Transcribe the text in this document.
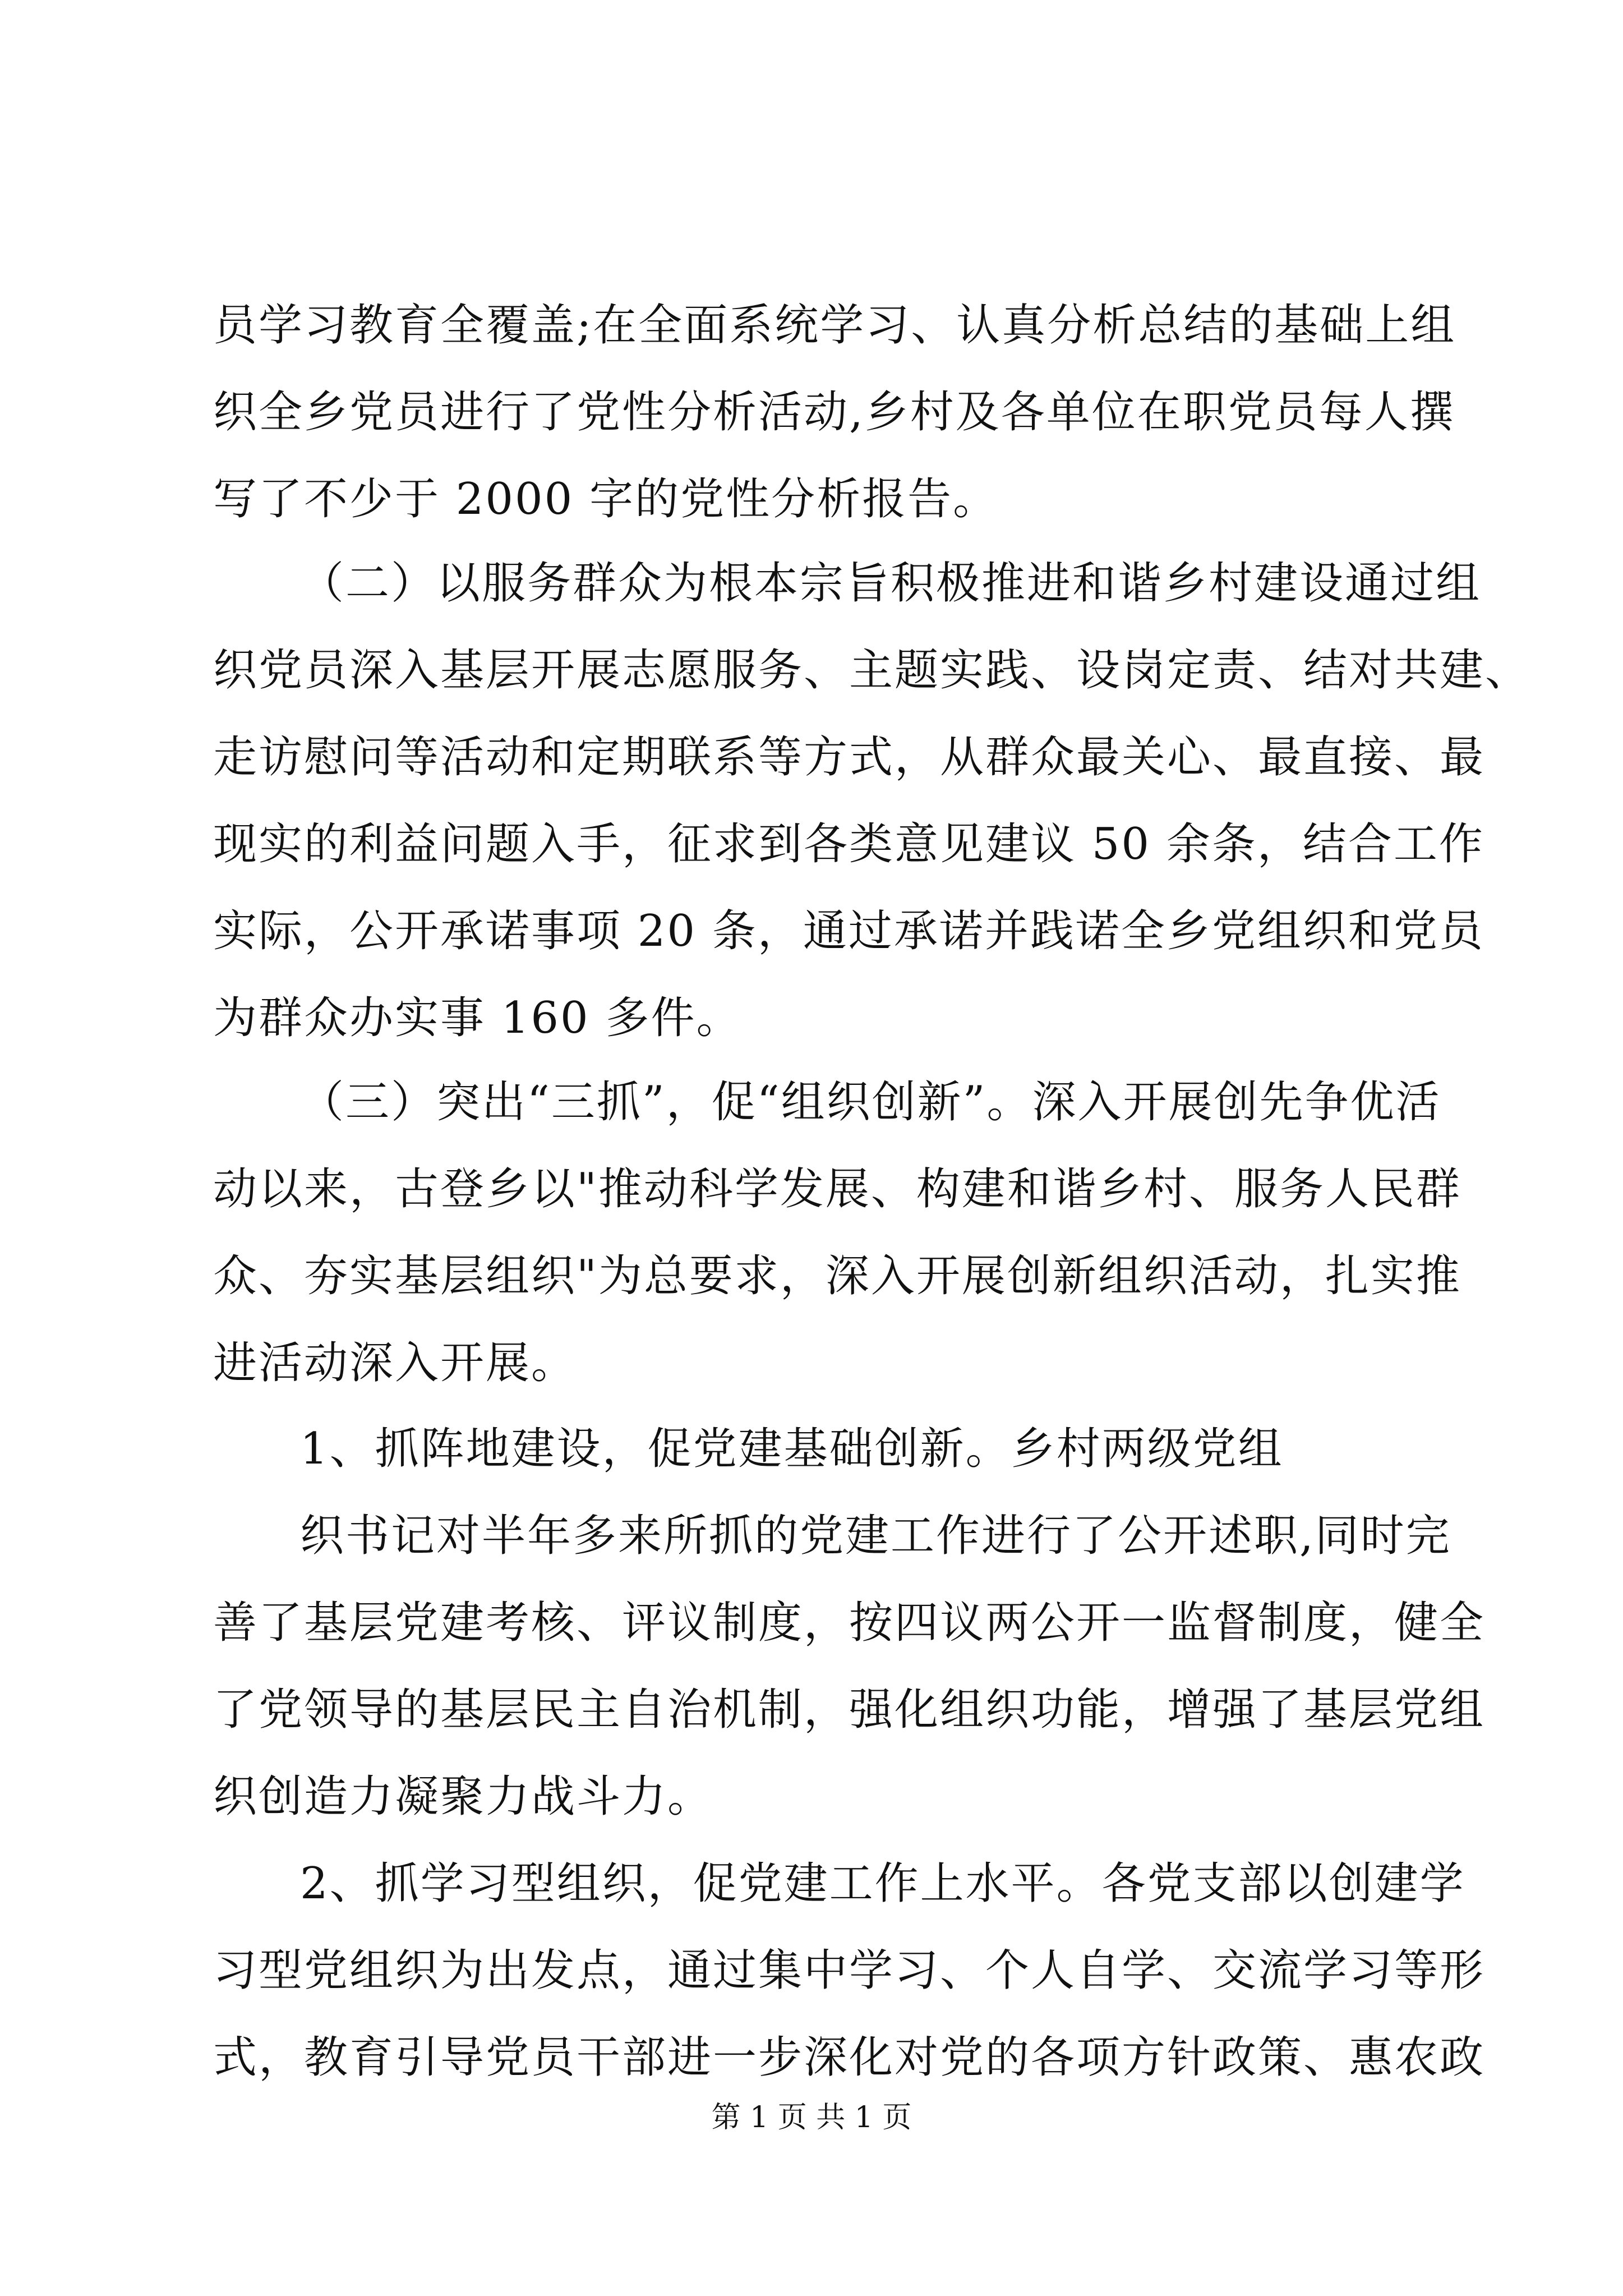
员学习教育全覆盖;在全面系统学习、认真分析总结的基础上组
织全乡党员进行了党性分析活动,乡村及各单位在职党员每人撰
写了不少于 2000 字的党性分析报告。
（二）以服务群众为根本宗旨积极推进和谐乡村建设通过组
织党员深入基层开展志愿服务、主题实践、设岗定责、结对共建、
走访慰问等活动和定期联系等方式，从群众最关心、最直接、最
现实的利益问题入手，征求到各类意见建议 50 余条，结合工作
实际，公开承诺事项 20 条，通过承诺并践诺全乡党组织和党员
为群众办实事 160 多件。
（三）突出“三抓”，促“组织创新”。深入开展创先争优活
动以来，古登乡以"推动科学发展、构建和谐乡村、服务人民群
众、夯实基层组织"为总要求，深入开展创新组织活动，扎实推
进活动深入开展。
1、抓阵地建设，促党建基础创新。乡村两级党组
织书记对半年多来所抓的党建工作进行了公开述职,同时完
善了基层党建考核、评议制度，按四议两公开一监督制度，健全
了党领导的基层民主自治机制，强化组织功能，增强了基层党组
织创造力凝聚力战斗力。
2、抓学习型组织，促党建工作上水平。各党支部以创建学
习型党组织为出发点，通过集中学习、个人自学、交流学习等形
式，教育引导党员干部进一步深化对党的各项方针政策、惠农政
第 1 页 共 1 页
